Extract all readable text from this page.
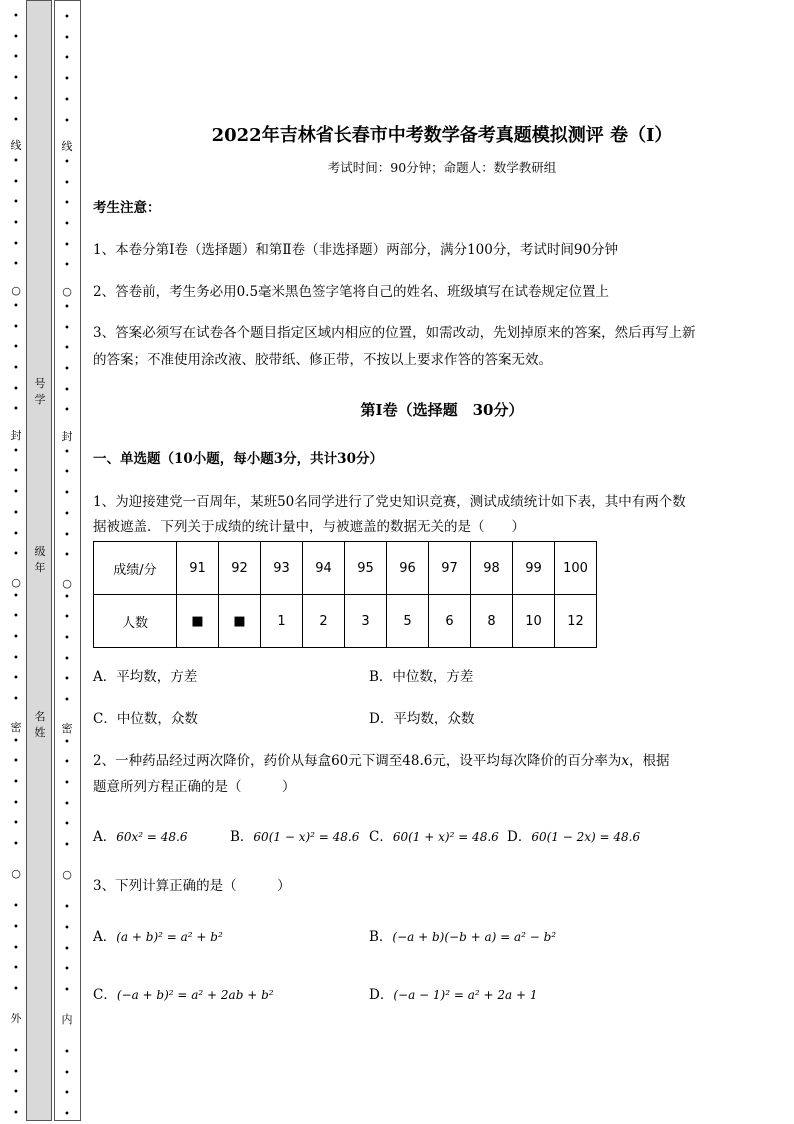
•
•
•
•
•
•
•
•
•
•
•
•
•
•
•
•
•
•
•
•
•
•
•
•
•
•
•
•
•
•
•
•
•
•
•
•
•
•
•
•
•
•
•
•
•
线
○
封
○
密
○
外
号学
级年
名姓
•
•
•
•
•
•
•
•
•
•
•
•
•
•
•
•
•
•
•
•
•
•
•
•
•
•
•
•
•
•
•
•
•
•
•
•
•
•
•
•
•
•
•
•
•
线
○
封
○
密
○
内
2022年吉林省长春市中考数学备考真题模拟测评 卷（Ⅰ）
考试时间：90分钟；命题人：数学教研组
考生注意：
1、本卷分第I卷（选择题）和第Ⅱ卷（非选择题）两部分，满分100分，考试时间90分钟
2、答卷前，考生务必用0.5毫米黑色签字笔将自己的姓名、班级填写在试卷规定位置上
3、答案必须写在试卷各个题目指定区域内相应的位置，如需改动，先划掉原来的答案，然后再写上新
的答案；不准使用涂改液、胶带纸、修正带，不按以上要求作答的答案无效。
第Ⅰ卷（选择题　30分）
一、单选题（10小题，每小题3分，共计30分）
1、为迎接建党一百周年，某班50名同学进行了党史知识竞赛，测试成绩统计如下表，其中有两个数
据被遮盖．下列关于成绩的统计量中，与被遮盖的数据无关的是（　　）
成绩/分	91	92	93	94	95	96	97	98	99	100
人数	■	■	1	2	3	5	6	8	10	12
A．平均数，方差	B．中位数，方差
C．中位数，众数	D．平均数，众数
2、一种药品经过两次降价，药价从每盒60元下调至48.6元，设平均每次降价的百分率为x，根据
题意所列方程正确的是（　　　）
A．60x² = 48.6	B．60(1 − x)² = 48.6 C．60(1 + x)² = 48.6 D．60(1 − 2x) = 48.6
3、下列计算正确的是（　　　）
A．(a + b)² = a² + b²	B．(−a + b)(−b + a) = a² − b²
C．(−a + b)² = a² + 2ab + b²	D．(−a − 1)² = a² + 2a + 1
